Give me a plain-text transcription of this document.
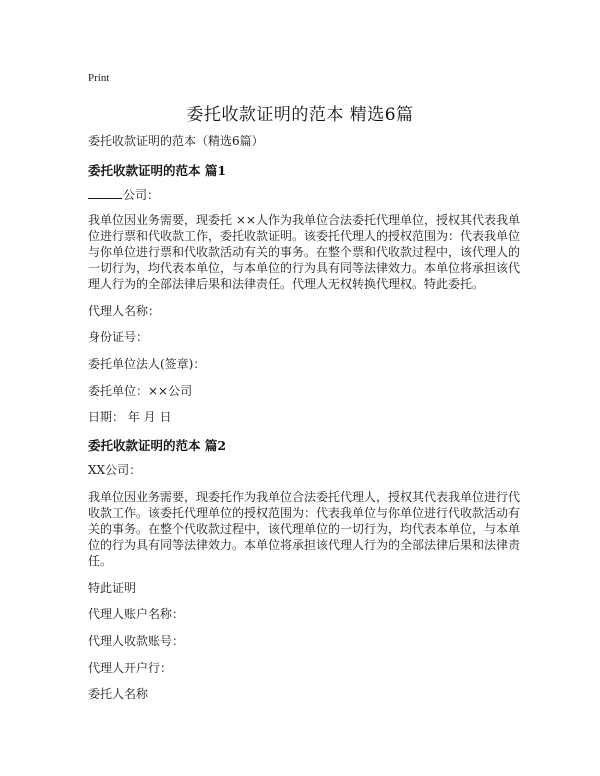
Print
委托收款证明的范本 精选6篇
委托收款证明的范本（精选6篇）
委托收款证明的范本 篇1
公司：
我单位因业务需要，现委托 ××人作为我单位合法委托代理单位，授权其代表我单位进行票和代收款工作，委托收款证明。该委托代理人的授权范围为：代表我单位与你单位进行票和代收款活动有关的事务。在整个票和代收款过程中，该代理人的一切行为，均代表本单位，与本单位的行为具有同等法律效力。本单位将承担该代理人行为的全部法律后果和法律责任。代理人无权转换代理权。特此委托。
代理人名称：
身份证号：
委托单位法人(签章)：
委托单位：××公司
日期： 年 月 日
委托收款证明的范本 篇2
XX公司：
我单位因业务需要，现委托作为我单位合法委托代理人，授权其代表我单位进行代收款工作。该委托代理单位的授权范围为：代表我单位与你单位进行代收款活动有关的事务。在整个代收款过程中，该代理单位的一切行为，均代表本单位，与本单位的行为具有同等法律效力。本单位将承担该代理人行为的全部法律后果和法律责任。
特此证明
代理人账户名称：
代理人收款账号：
代理人开户行：
委托人名称
